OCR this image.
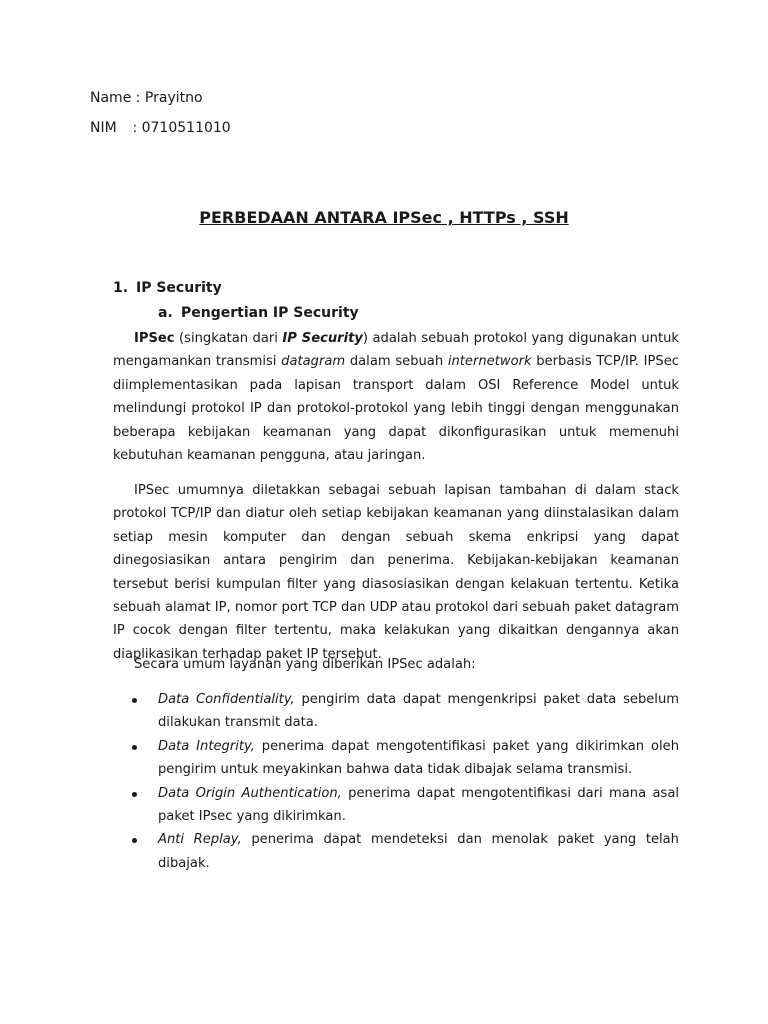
Name : Prayitno
NIM : 0710511010
PERBEDAAN ANTARA IPSec , HTTPs , SSH
1. IP Security
a. Pengertian IP Security

IPSec (singkatan dari IP Security) adalah sebuah protokol yang digunakan untuk mengamankan transmisi datagram dalam sebuah internetwork berbasis TCP/IP. IPSec diimplementasikan pada lapisan transport dalam OSI Reference Model untuk melindungi protokol IP dan protokol-protokol yang lebih tinggi dengan menggunakan beberapa kebijakan keamanan yang dapat dikonfigurasikan untuk memenuhi kebutuhan keamanan pengguna, atau jaringan.

IPSec umumnya diletakkan sebagai sebuah lapisan tambahan di dalam stack protokol TCP/IP dan diatur oleh setiap kebijakan keamanan yang diinstalasikan dalam setiap mesin komputer dan dengan sebuah skema enkripsi yang dapat dinegosiasikan antara pengirim dan penerima. Kebijakan-kebijakan keamanan tersebut berisi kumpulan filter yang diasosiasikan dengan kelakuan tertentu. Ketika sebuah alamat IP, nomor port TCP dan UDP atau protokol dari sebuah paket datagram IP cocok dengan filter tertentu, maka kelakukan yang dikaitkan dengannya akan diaplikasikan terhadap paket IP tersebut.

Secara umum layanan yang diberikan IPSec adalah:

Data Confidentiality, pengirim data dapat mengenkripsi paket data sebelum dilakukan transmit data.
Data Integrity, penerima dapat mengotentifikasi paket yang dikirimkan oleh pengirim untuk meyakinkan bahwa data tidak dibajak selama transmisi.
Data Origin Authentication, penerima dapat mengotentifikasi dari mana asal paket IPsec yang dikirimkan.
Anti Replay, penerima dapat mendeteksi dan menolak paket yang telah dibajak.
